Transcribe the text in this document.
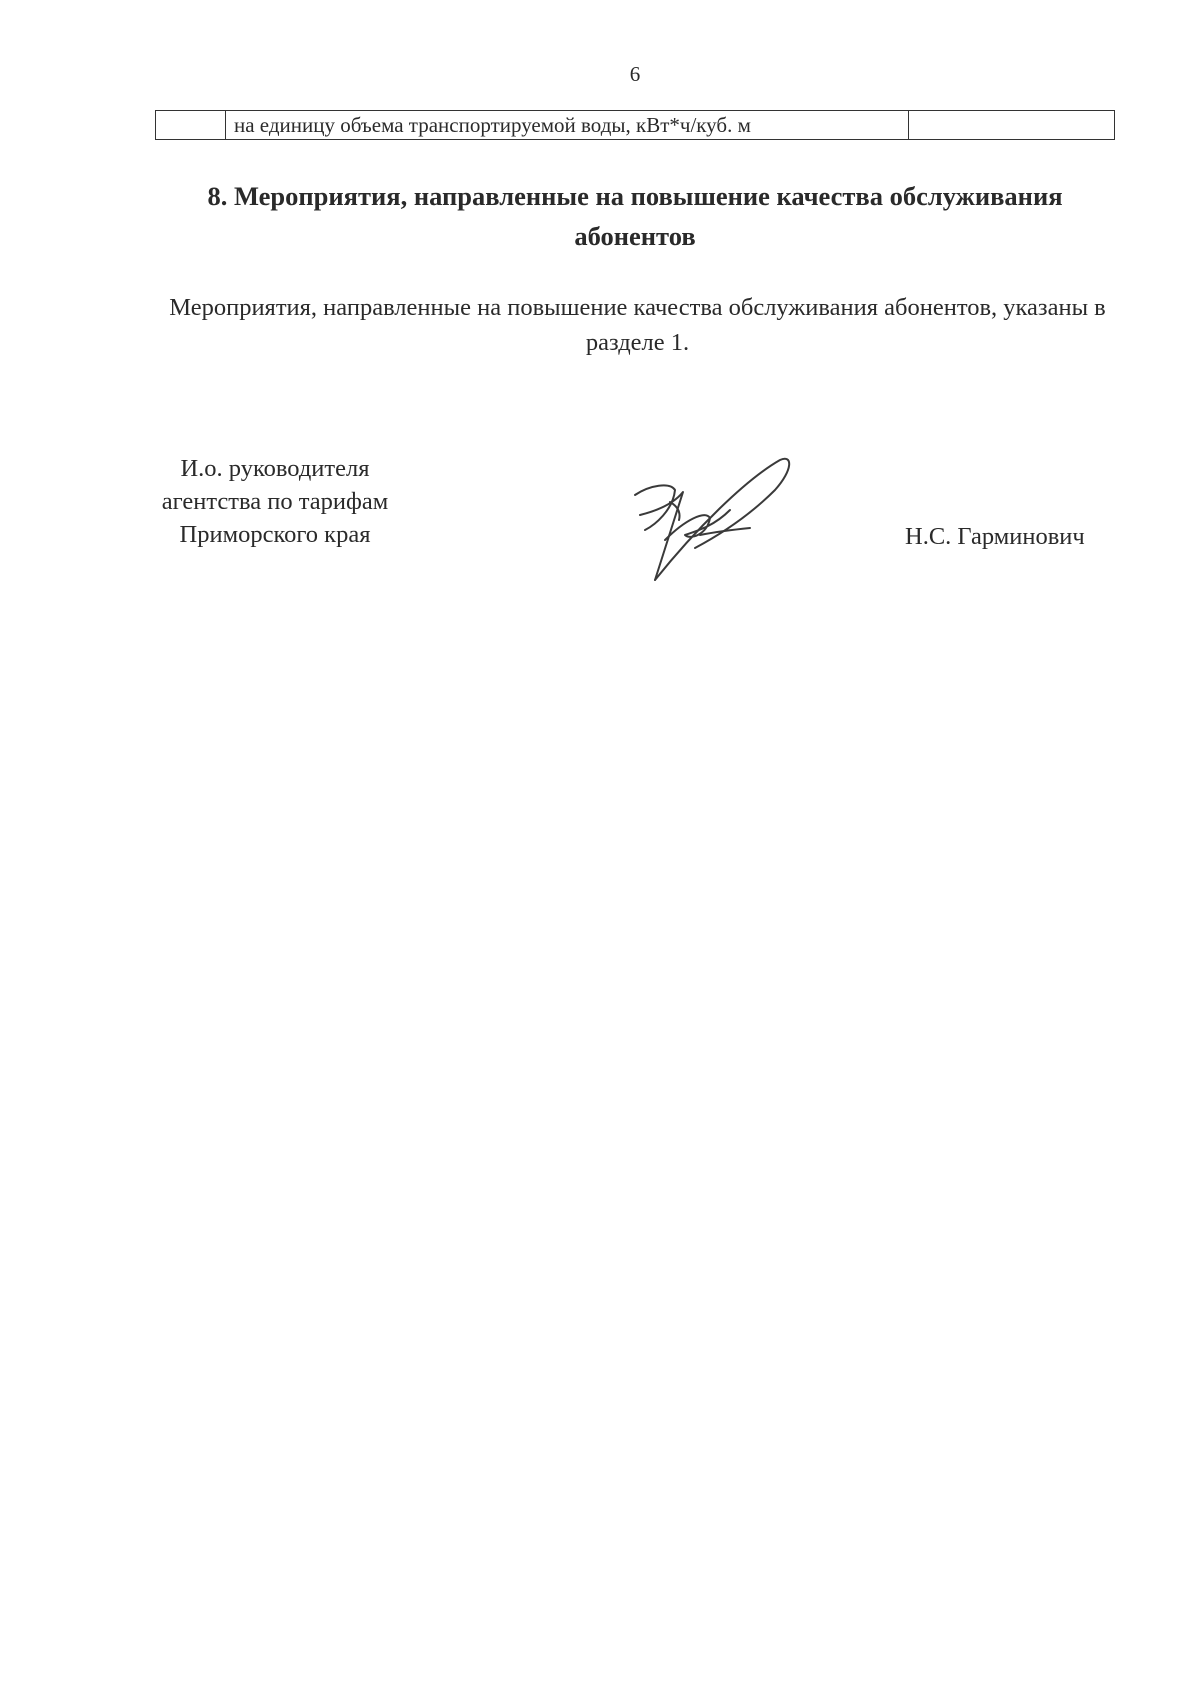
6
	на единицу объема транспортируемой воды, кВт*ч/куб. м	
8. Мероприятия, направленные на повышение качества обслуживания абонентов
Мероприятия, направленные на повышение качества обслуживания абонентов, указаны в разделе 1.
И.о. руководителя
агентства по тарифам
Приморского края	Н.С. Гарминович
